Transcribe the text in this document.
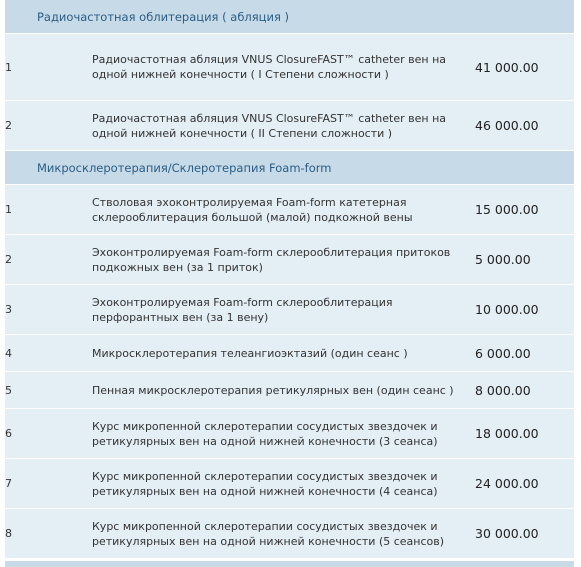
Радиочастотная облитерация ( абляция )		
1	Радиочастотная абляция VNUS ClosureFAST™ catheter вен на одной нижней конечности ( I Степени сложности )	41 000.00
2	Радиочастотная абляция VNUS ClosureFAST™ catheter вен на одной нижней конечности ( II Степени сложности )	46 000.00
Микросклеротерапия/Склеротерапия Foam-form		
1	Стволовая эхоконтролируемая Foam-form катетерная склерооблитерация большой (малой) подкожной вены	15 000.00
2	Эхоконтролируемая Foam-form склерооблитерация притоков подкожных вен (за 1 приток)	5 000.00
3	Эхоконтролируемая Foam-form склерооблитерация перфорантных вен (за 1 вену)	10 000.00
4	Микросклеротерапия телеангиоэктазий (один сеанс )	6 000.00
5	Пенная микросклеротерапия ретикулярных вен (один сеанс )	8 000.00
6	Курс микропенной склеротерапии сосудистых звездочек и ретикулярных вен на одной нижней конечности (3 сеанса)	18 000.00
7	Курс микропенной склеротерапии сосудистых звездочек и ретикулярных вен на одной нижней конечности (4 сеанса)	24 000.00
8	Курс микропенной склеротерапии сосудистых звездочек и ретикулярных вен на одной нижней конечности (5 сеансов)	30 000.00
